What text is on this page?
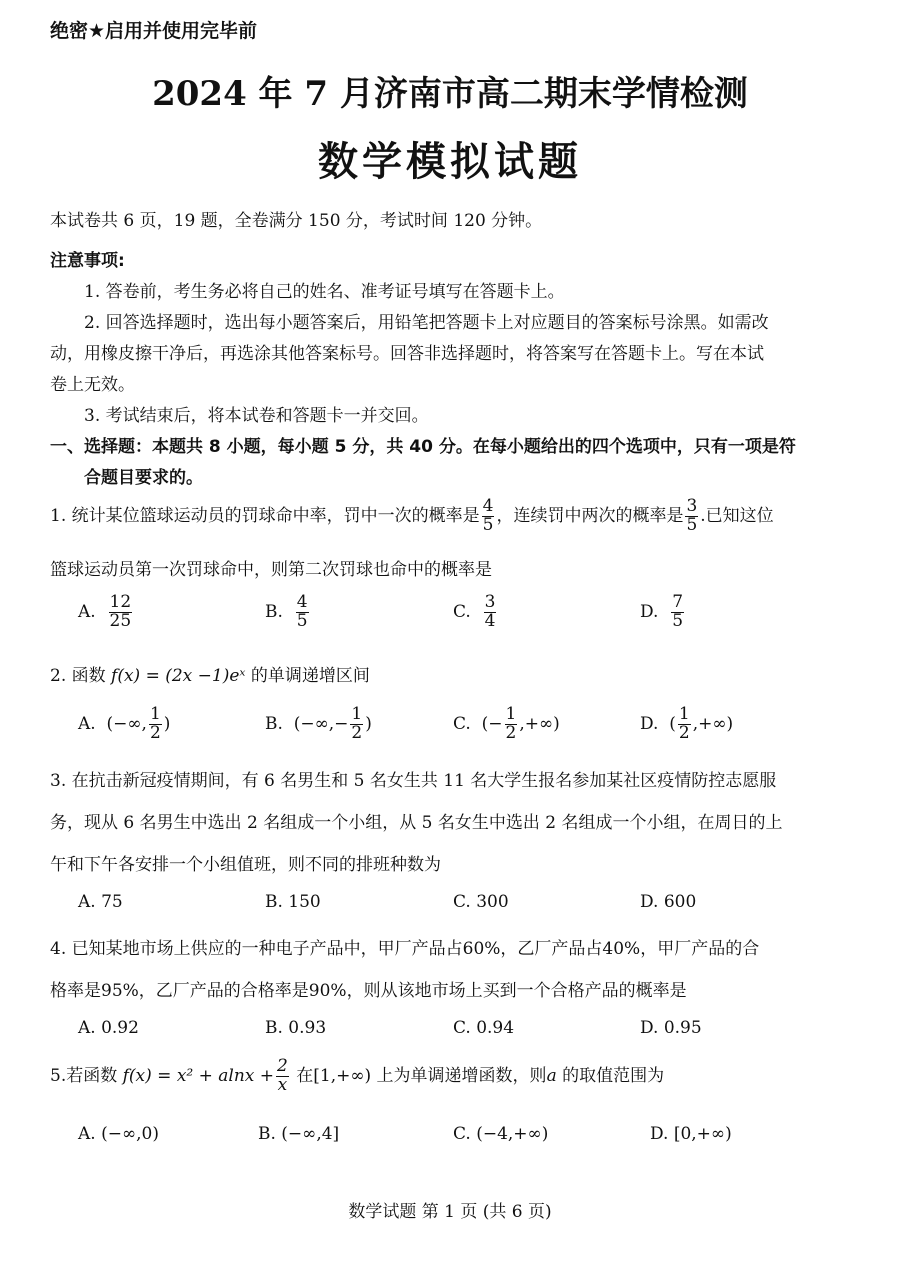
绝密★启用并使用完毕前
2024 年 7 月济南市高二期末学情检测
数学模拟试题
本试卷共 6 页，19 题，全卷满分 150 分，考试时间 120 分钟。
注意事项:
1. 答卷前，考生务必将自己的姓名、准考证号填写在答题卡上。
2. 回答选择题时，选出每小题答案后，用铅笔把答题卡上对应题目的答案标号涂黑。如需改
动，用橡皮擦干净后，再选涂其他答案标号。回答非选择题时，将答案写在答题卡上。写在本试
卷上无效。
3. 考试结束后，将本试卷和答题卡一并交回。
一、选择题：本题共 8 小题，每小题 5 分，共 40 分。在每小题给出的四个选项中，只有一项是符
合题目要求的。
1. 统计某位篮球运动员的罚球命中率，罚中一次的概率是 $\frac{4}{5}$ ，连续罚中两次的概率是 $\frac{3}{5}$ .已知这位
篮球运动员第一次罚球命中，则第二次罚球也命中的概率是
A. $\frac{12}{25}$	B. $\frac{4}{5}$	C. $\frac{3}{4}$	D. $\frac{7}{5}$
2. 函数 f(x) = (2x −1)eˣ 的单调递增区间
A. (−∞, $\frac{1}{2}$ )	B. (−∞,− $\frac{1}{2}$ )	C. (− $\frac{1}{2}$ ,+∞)	D. ( $\frac{1}{2}$ ,+∞)
3. 在抗击新冠疫情期间，有 6 名男生和 5 名女生共 11 名大学生报名参加某社区疫情防控志愿服
务，现从 6 名男生中选出 2 名组成一个小组，从 5 名女生中选出 2 名组成一个小组，在周日的上
午和下午各安排一个小组值班，则不同的排班种数为
A. 75	B. 150	C. 300	D. 600
4. 已知某地市场上供应的一种电子产品中，甲厂产品占60%，乙厂产品占40%，甲厂产品的合
格率是95%，乙厂产品的合格率是90%，则从该地市场上买到一个合格产品的概率是
A. 0.92	B. 0.93	C. 0.94	D. 0.95
5.若函数 $f(x) = x^2 + alnx + \frac{2}{x}$ 在[1,+∞) 上为单调递增函数，则a 的取值范围为
A. (−∞,0)	B. (−∞,4]	C. (−4,+∞)	D. [0,+∞)
数学试题 第 1 页 (共 6 页)
